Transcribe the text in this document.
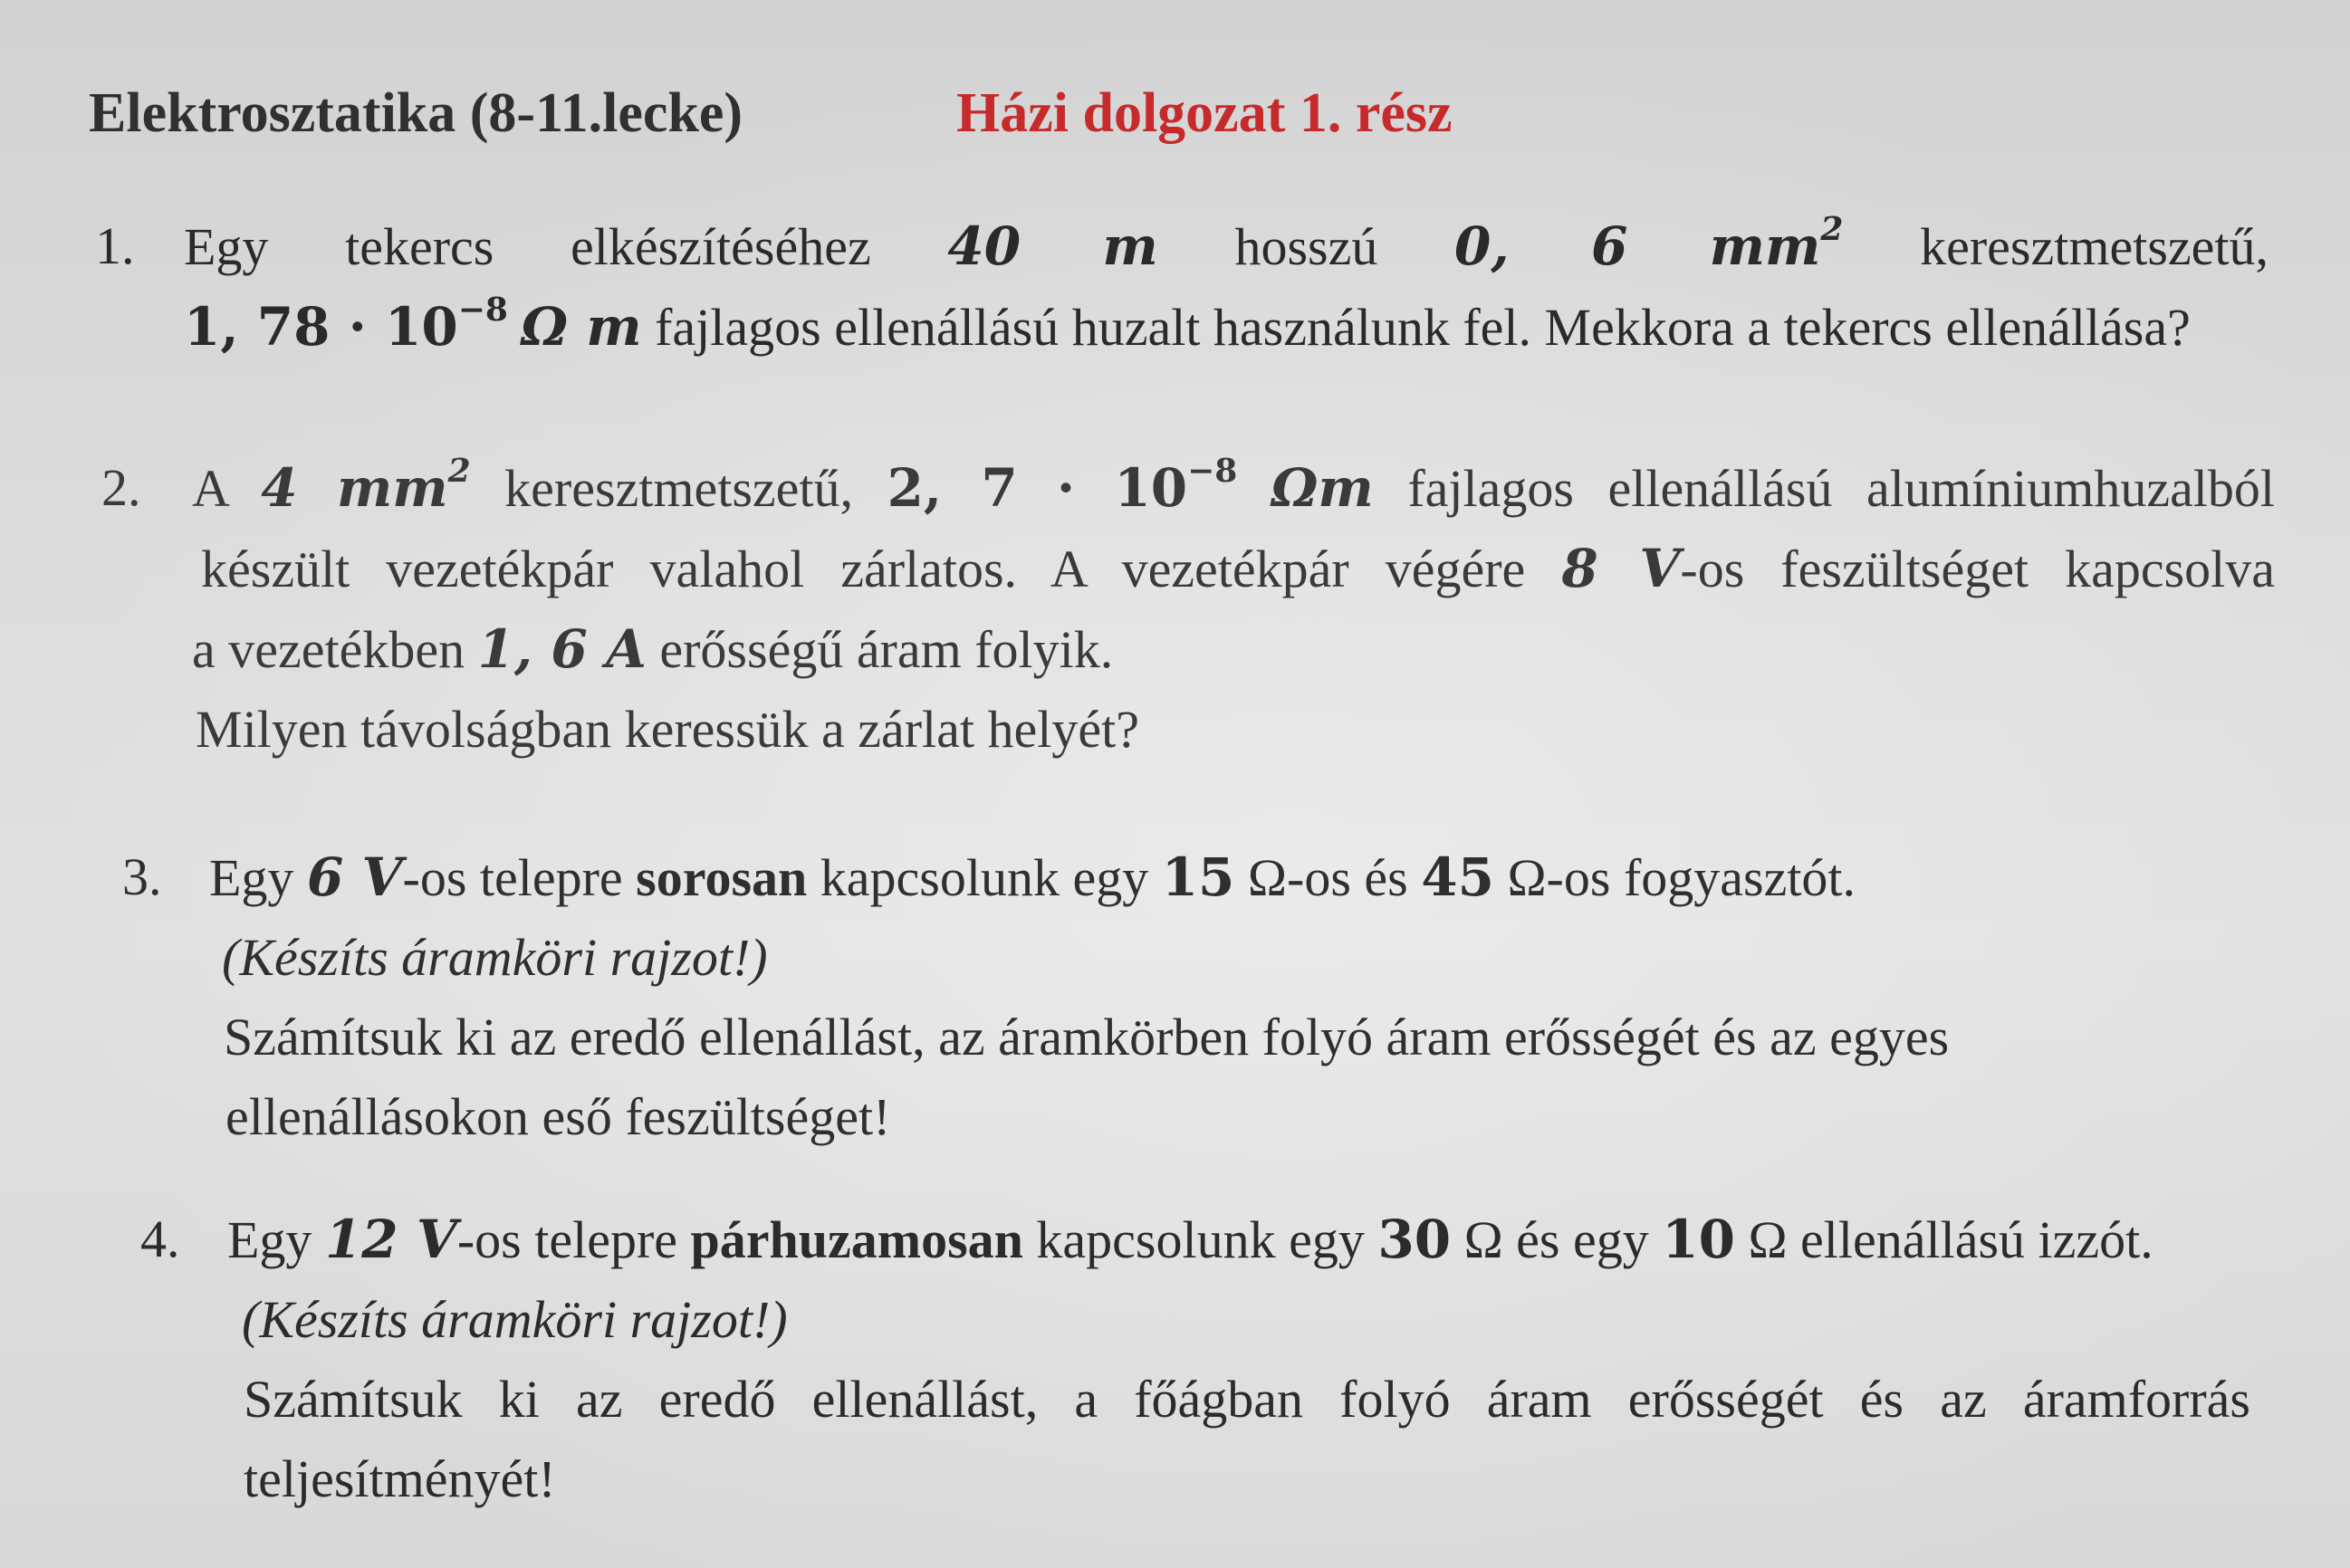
Elektrosztatika (8-11.lecke)	Házi dolgozat 1. rész
1. Egy tekercs elkészítéséhez 40 m hosszú 0, 6 $mm^2$ keresztmetszetű,
1, $78 \cdot 10^{-8}$ Ω m fajlagos ellenállású huzalt használunk fel. Mekkora a tekercs ellenállása?
2. A 4 $mm^2$ keresztmetszetű, 2, $7 \cdot 10^{-8}$ Ωm fajlagos ellenállású alumíniumhuzalból
készült vezetékpár valahol zárlatos. A vezetékpár végére 8 V-os feszültséget kapcsolva
a vezetékben 1, 6 A erősségű áram folyik.
Milyen távolságban keressük a zárlat helyét?
3. Egy 6 V-os telepre sorosan kapcsolunk egy 15 Ω-os és 45 Ω-os fogyasztót.
(Készíts áramköri rajzot!)
Számítsuk ki az eredő ellenállást, az áramkörben folyó áram erősségét és az egyes
ellenállásokon eső feszültséget!
4. Egy 12 V-os telepre párhuzamosan kapcsolunk egy 30 Ω és egy 10 Ω ellenállású izzót.
(Készíts áramköri rajzot!)
Számítsuk ki az eredő ellenállást, a főágban folyó áram erősségét és az áramforrás
teljesítményét!
